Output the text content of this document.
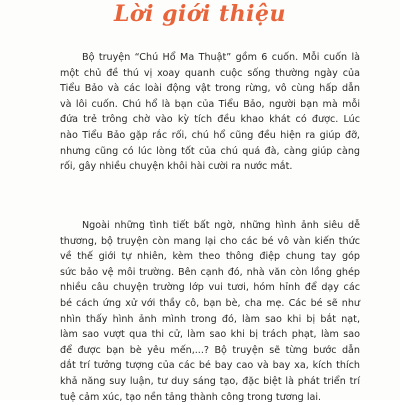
Lời giới thiệu
Bộ truyện “Chú Hổ Ma Thuật” gồm 6 cuốn. Mỗi cuốn là
một chủ đề thú vị xoay quanh cuộc sống thường ngày của
Tiểu Bảo và các loài động vật trong rừng, vô cùng hấp dẫn
và lôi cuốn. Chú hổ là bạn của Tiểu Bảo, người bạn mà mỗi
đứa trẻ trông chờ vào kỳ tích đều khao khát có được. Lúc
nào Tiểu Bảo gặp rắc rối, chú hổ cũng đều hiện ra giúp đỡ,
nhưng cũng có lúc lòng tốt của chú quá đà, càng giúp càng
rối, gây nhiều chuyện khôi hài cười ra nước mắt.
Ngoài những tình tiết bất ngờ, những hình ảnh siêu dễ
thương, bộ truyện còn mang lại cho các bé vô vàn kiến thức
về thế giới tự nhiên, kèm theo thông điệp chung tay góp
sức bảo vệ môi trường. Bên cạnh đó, nhà văn còn lồng ghép
nhiều câu chuyện trường lớp vui tươi, hóm hỉnh để dạy các
bé cách ứng xử với thầy cô, bạn bè, cha mẹ. Các bé sẽ như
nhìn thấy hình ảnh mình trong đó, làm sao khi bị bắt nạt,
làm sao vượt qua thi cử, làm sao khi bị trách phạt, làm sao
để được bạn bè yêu mến,...? Bộ truyện sẽ từng bước dẫn
dắt trí tưởng tượng của các bé bay cao và bay xa, kích thích
khả năng suy luận, tư duy sáng tạo, đặc biệt là phát triển trí
tuệ cảm xúc, tạo nền tảng thành công trong tương lai.
